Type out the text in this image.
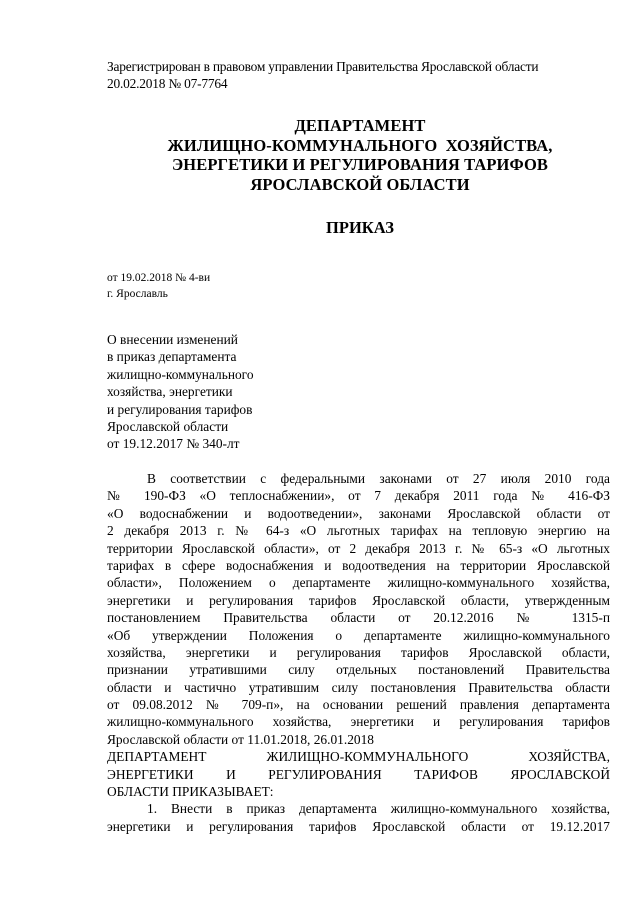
Зарегистрирован в правовом управлении Правительства Ярославской области
20.02.2018 № 07-7764
ДЕПАРТАМЕНТ
ЖИЛИЩНО-КОММУНАЛЬНОГО  ХОЗЯЙСТВА,
ЭНЕРГЕТИКИ И РЕГУЛИРОВАНИЯ ТАРИФОВ
ЯРОСЛАВСКОЙ ОБЛАСТИ
ПРИКАЗ
от 19.02.2018 № 4-ви
г. Ярославль
О внесении изменений
в приказ департамента
жилищно-коммунального
хозяйства, энергетики
и регулирования тарифов
Ярославской области
от 19.12.2017 № 340-лт
В соответствии с федеральными законами от 27 июля 2010 года
№ 190-ФЗ «О теплоснабжении», от 7 декабря 2011 года № 416-ФЗ
«О водоснабжении и водоотведении», законами Ярославской области от
2 декабря 2013 г. № 64-з «О льготных тарифах на тепловую энергию на
территории Ярославской области», от 2 декабря 2013 г. № 65-з «О льготных
тарифах в сфере водоснабжения и водоотведения на территории Ярославской
области», Положением о департаменте жилищно-коммунального хозяйства,
энергетики и регулирования тарифов Ярославской области, утвержденным
постановлением Правительства области от 20.12.2016 № 1315-п
«Об утверждении Положения о департаменте жилищно-коммунального
хозяйства, энергетики и регулирования тарифов Ярославской области,
признании утратившими силу отдельных постановлений Правительства
области и частично утратившим силу постановления Правительства области
от 09.08.2012 № 709-п», на основании решений правления департамента
жилищно-коммунального хозяйства, энергетики и регулирования тарифов
Ярославской области от 11.01.2018, 26.01.2018
ДЕПАРТАМЕНТ ЖИЛИЩНО-КОММУНАЛЬНОГО ХОЗЯЙСТВА,
ЭНЕРГЕТИКИ И РЕГУЛИРОВАНИЯ ТАРИФОВ ЯРОСЛАВСКОЙ
ОБЛАСТИ ПРИКАЗЫВАЕТ:
1. Внести в приказ департамента жилищно-коммунального хозяйства,
энергетики и регулирования тарифов Ярославской области от 19.12.2017
